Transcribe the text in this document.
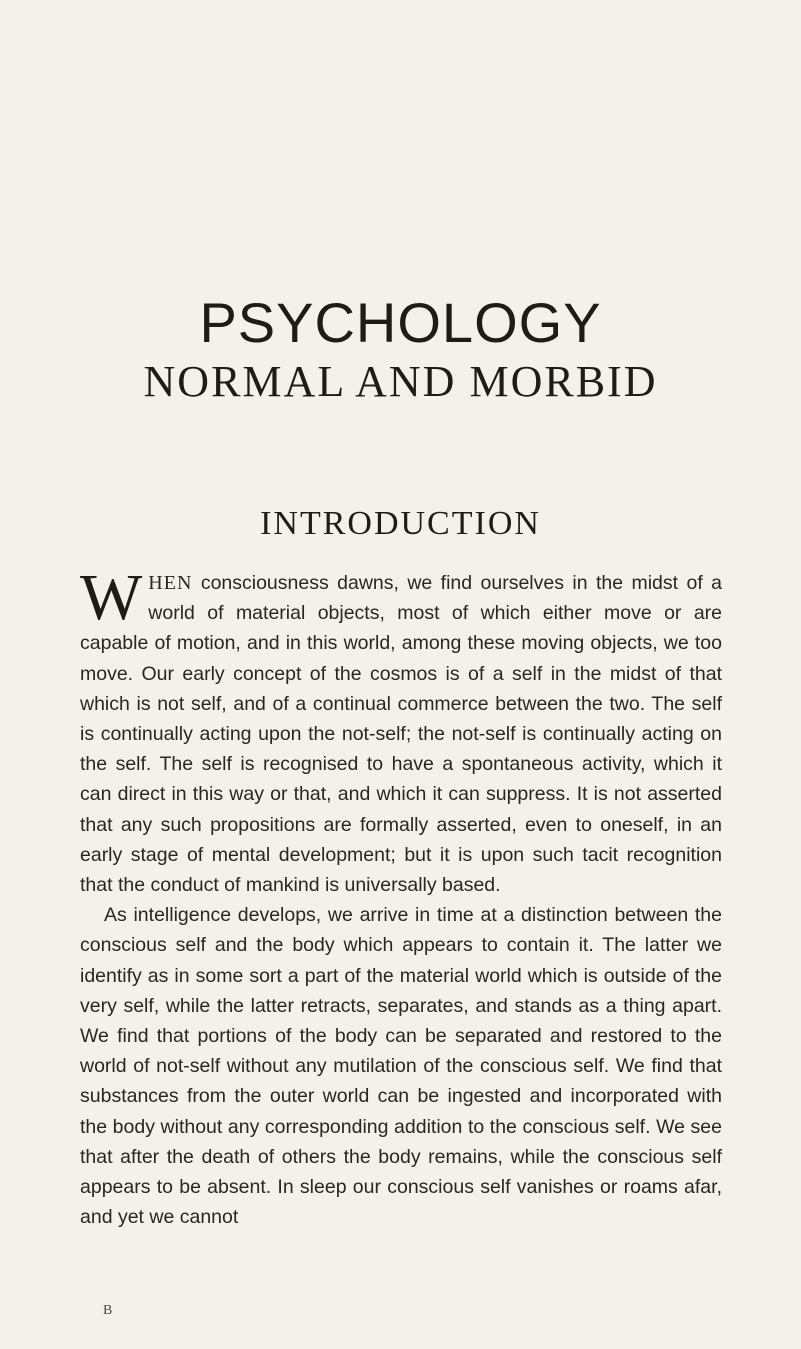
PSYCHOLOGY
NORMAL AND MORBID
INTRODUCTION

WHEN consciousness dawns, we find ourselves in the midst of a world of material objects, most of which either move or are capable of motion, and in this world, among these moving objects, we too move. Our early concept of the cosmos is of a self in the midst of that which is not self, and of a continual commerce between the two. The self is continually acting upon the not-self; the not-self is continually acting on the self. The self is recognised to have a spontaneous activity, which it can direct in this way or that, and which it can suppress. It is not asserted that any such propositions are formally asserted, even to oneself, in an early stage of mental development; but it is upon such tacit recognition that the conduct of mankind is universally based.

As intelligence develops, we arrive in time at a distinction between the conscious self and the body which appears to contain it. The latter we identify as in some sort a part of the material world which is outside of the very self, while the latter retracts, separates, and stands as a thing apart. We find that portions of the body can be separated and restored to the world of not-self without any mutilation of the conscious self. We find that substances from the outer world can be ingested and incorporated with the body without any corresponding addition to the conscious self. We see that after the death of others the body remains, while the conscious self appears to be absent. In sleep our conscious self vanishes or roams afar, and yet we cannot

B
